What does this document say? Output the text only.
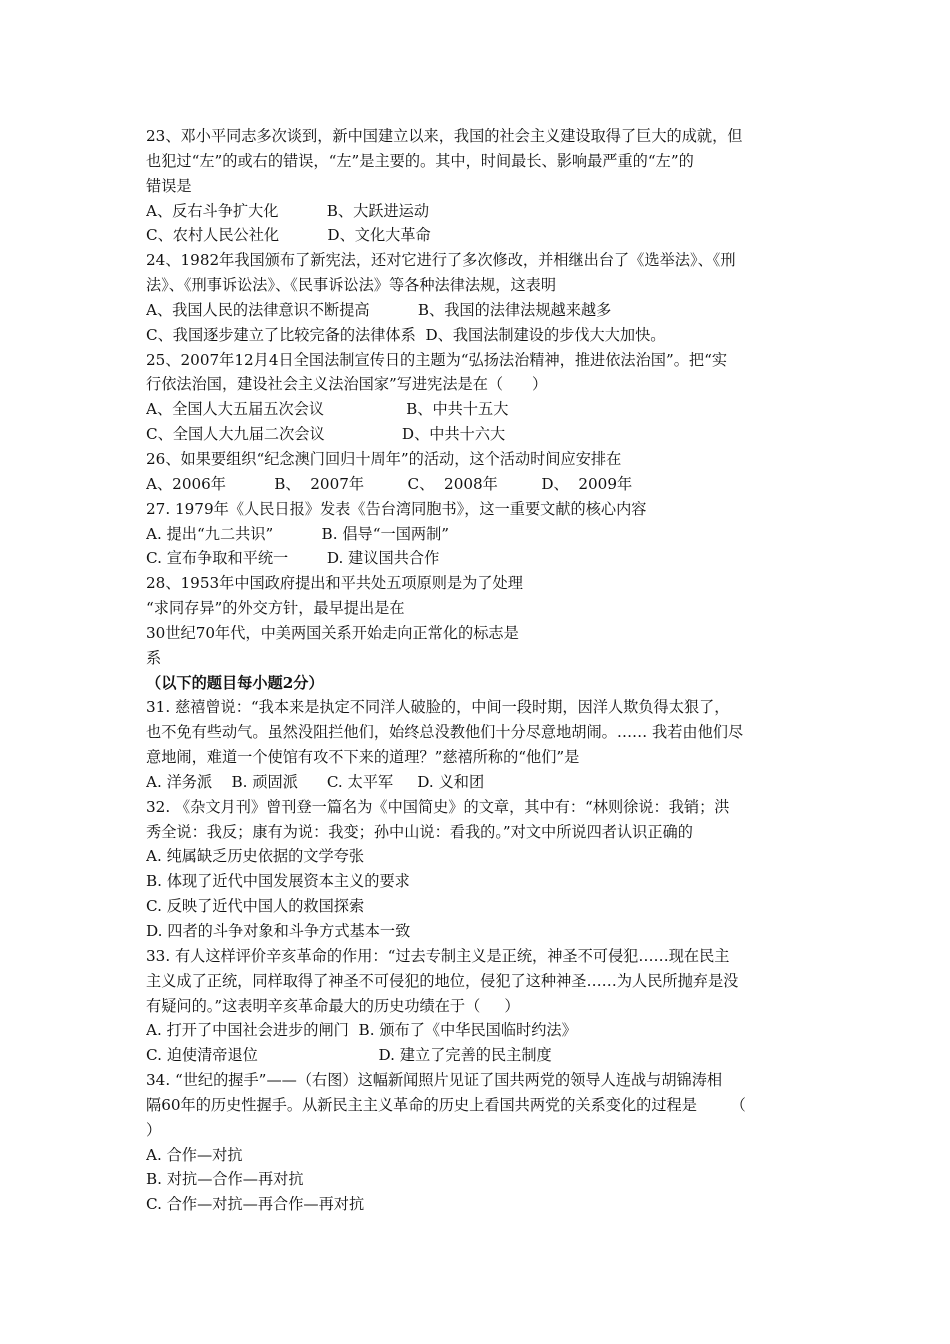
23、邓小平同志多次谈到，新中国建立以来，我国的社会主义建设取得了巨大的成就，但
也犯过“左”的或右的错误，“左”是主要的。其中，时间最长、影响最严重的“左”的
错误是
A、反右斗争扩大化          B、大跃进运动
C、农村人民公社化          D、文化大革命
24、1982年我国颁布了新宪法，还对它进行了多次修改，并相继出台了《选举法》、《刑
法》、《刑事诉讼法》、《民事诉讼法》等各种法律法规，这表明
A、我国人民的法律意识不断提高          B、我国的法律法规越来越多
C、我国逐步建立了比较完备的法律体系  D、我国法制建设的步伐大大加快。
25、2007年12月4日全国法制宣传日的主题为“弘扬法治精神，推进依法治国”。把“实
行依法治国，建设社会主义法治国家”写进宪法是在（      ）
A、全国人大五届五次会议                 B、中共十五大
C、全国人大九届二次会议                D、中共十六大
26、如果要组织“纪念澳门回归十周年”的活动，这个活动时间应安排在
A、2006年          B、  2007年         C、  2008年         D、  2009年
27. 1979年《人民日报》发表《告台湾同胞书》，这一重要文献的核心内容
A. 提出“九二共识”          B. 倡导“一国两制”
C. 宣布争取和平统一        D. 建议国共合作
28、1953年中国政府提出和平共处五项原则是为了处理
“求同存异”的外交方针，最早提出是在
30世纪70年代，中美两国关系开始走向正常化的标志是
系
（以下的题目每小题2分）
31. 慈禧曾说：“我本来是执定不同洋人破脸的，中间一段时期，因洋人欺负得太狠了，
也不免有些动气。虽然没阻拦他们，始终总没教他们十分尽意地胡闹。…… 我若由他们尽
意地闹，难道一个使馆有攻不下来的道理？”慈禧所称的“他们”是
A. 洋务派    B. 顽固派      C. 太平军     D. 义和团
32. 《杂文月刊》曾刊登一篇名为《中国简史》的文章，其中有：“林则徐说：我销；洪
秀全说：我反；康有为说：我变；孙中山说：看我的。”对文中所说四者认识正确的
A. 纯属缺乏历史依据的文学夸张
B. 体现了近代中国发展资本主义的要求
C. 反映了近代中国人的救国探索
D. 四者的斗争对象和斗争方式基本一致
33. 有人这样评价辛亥革命的作用：“过去专制主义是正统，神圣不可侵犯……现在民主
主义成了正统，同样取得了神圣不可侵犯的地位，侵犯了这种神圣……为人民所抛弃是没
有疑问的。”这表明辛亥革命最大的历史功绩在于（     ）
A. 打开了中国社会进步的闸门  B. 颁布了《中华民国临时约法》
C. 迫使清帝退位                         D. 建立了完善的民主制度
34. “世纪的握手”——（右图）这幅新闻照片见证了国共两党的领导人连战与胡锦涛相
隔60年的历史性握手。从新民主主义革命的历史上看国共两党的关系变化的过程是       （
）
A. 合作—对抗
B. 对抗—合作—再对抗
C. 合作—对抗—再合作—再对抗
